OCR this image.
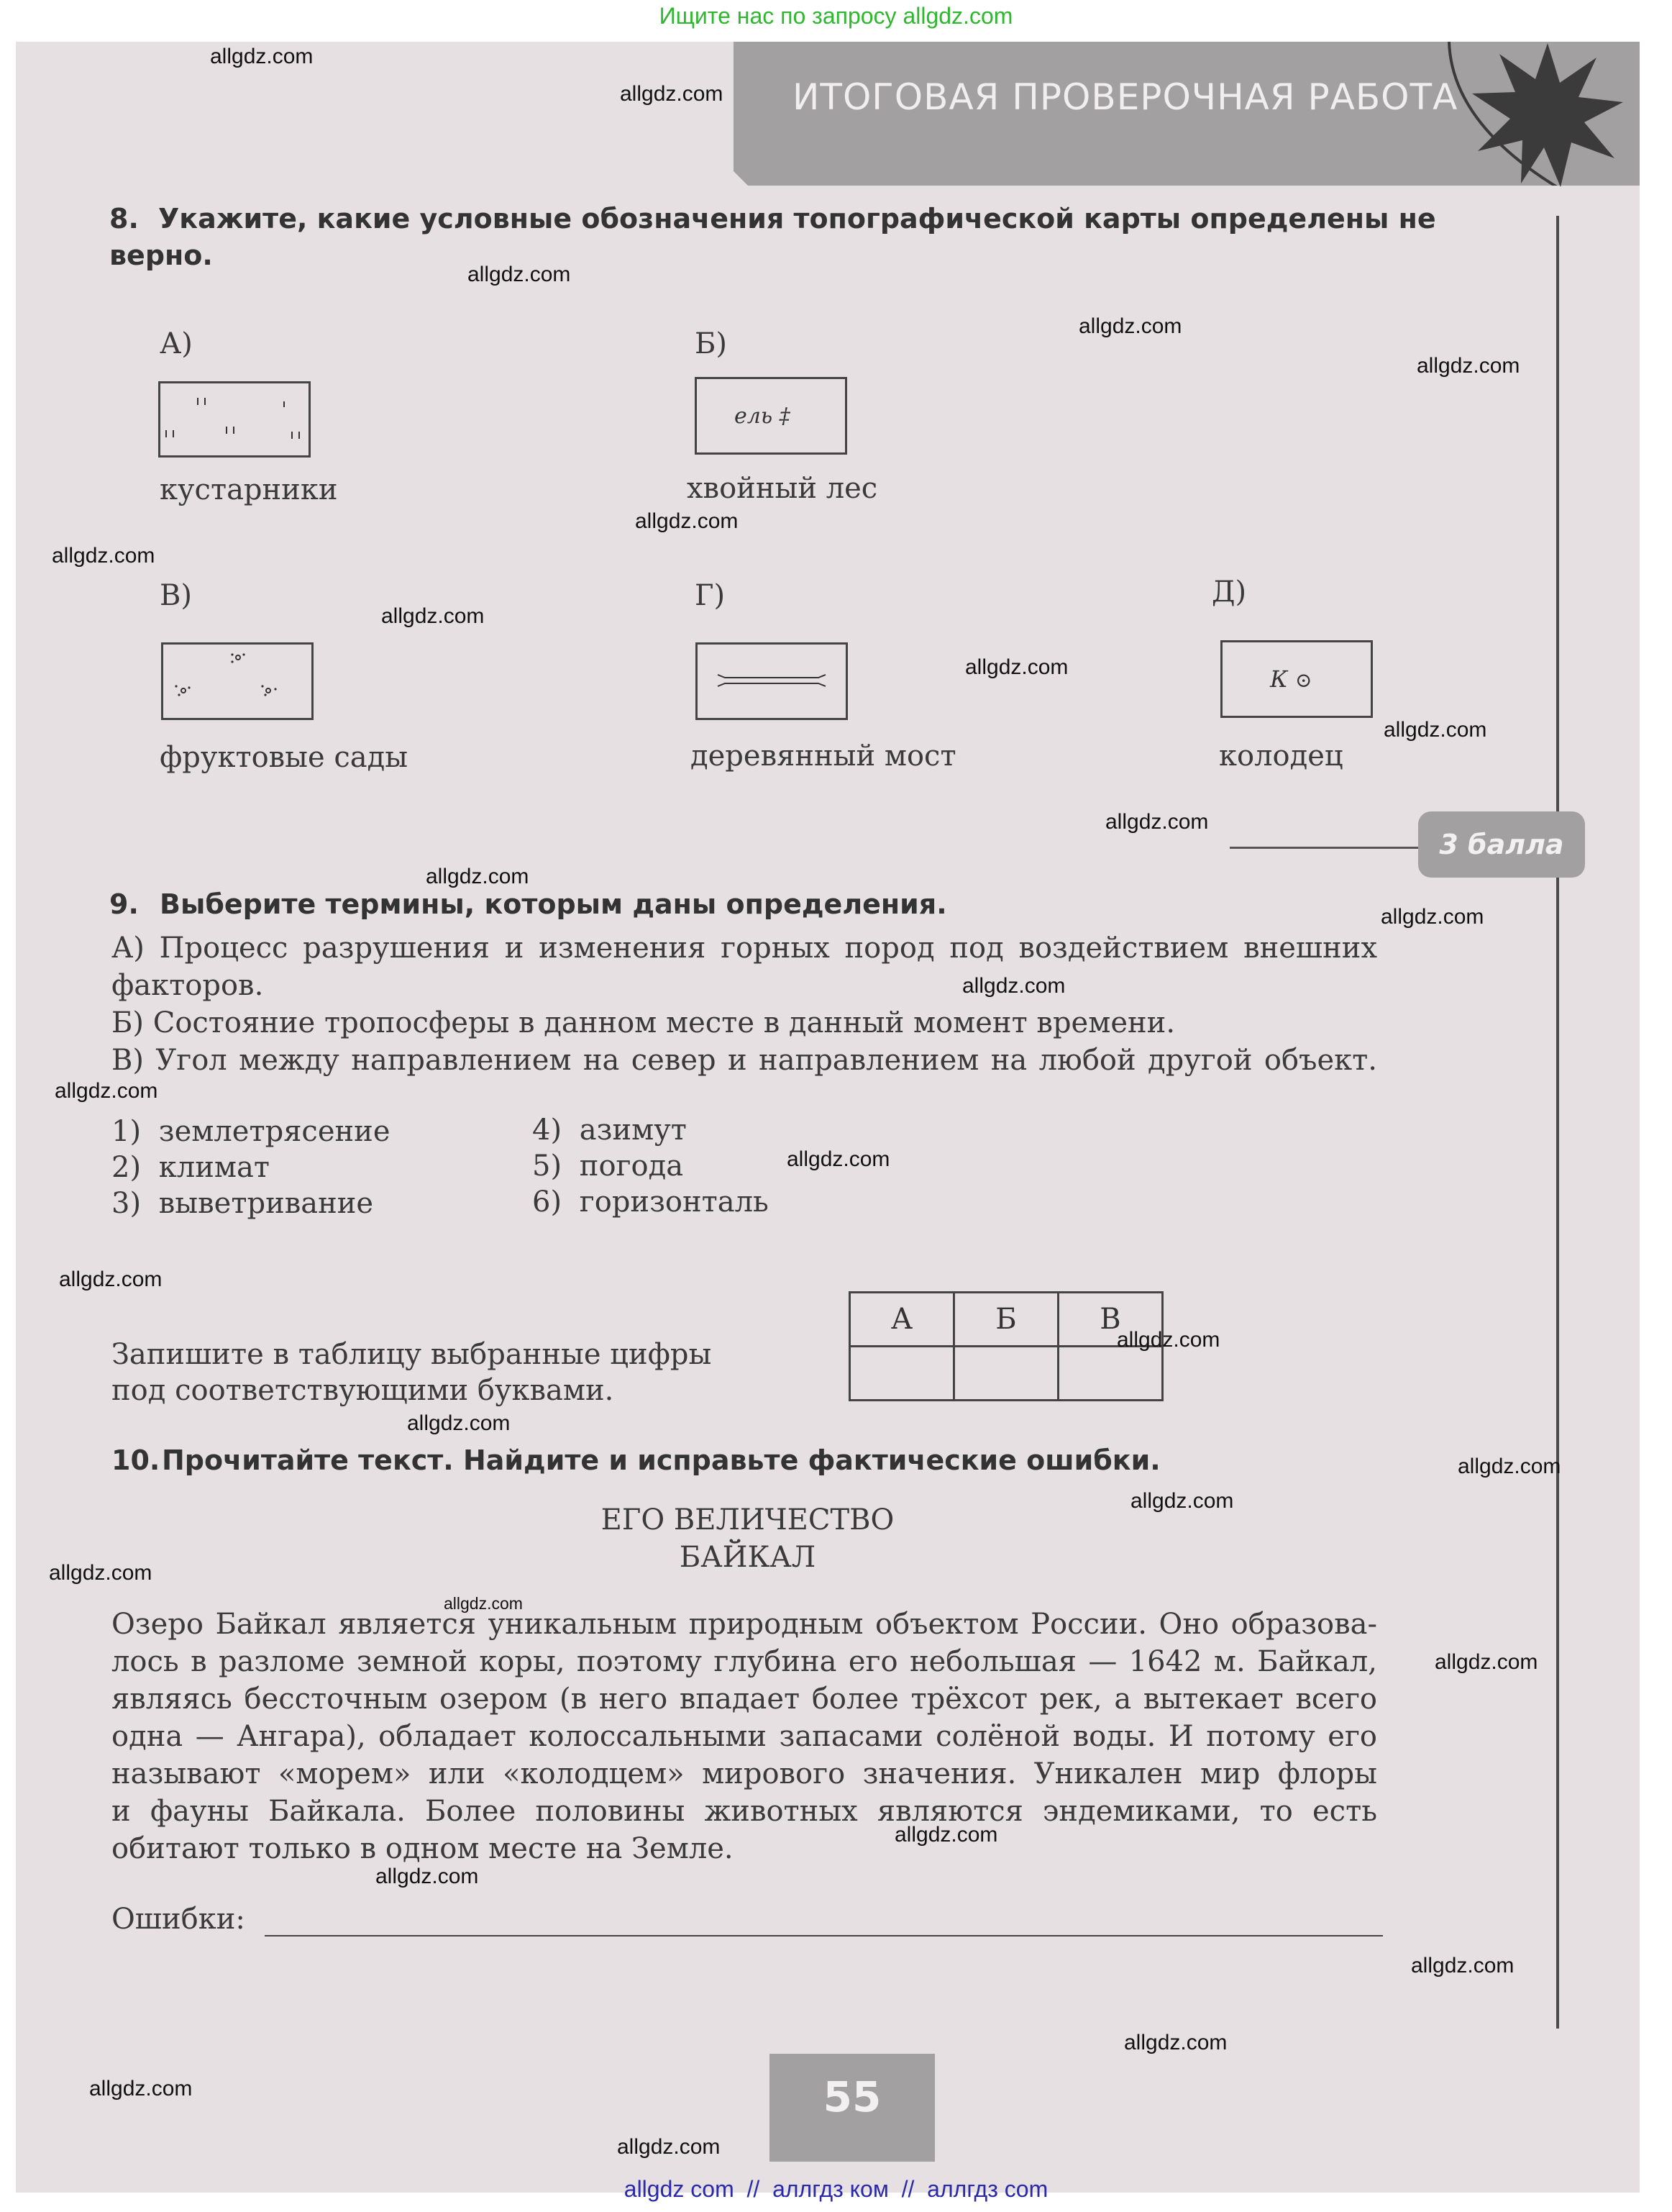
Ищите нас по запросу allgdz.com
ИТОГОВАЯ ПРОВЕРОЧНАЯ РАБОТА
8. Укажите, какие условные обозначения топографической карты определены не
верно.
А)
кустарники
Б)
ель ‡
хвойный лес
В)
фруктовые сады
Г)
деревянный мост
Д)
К ⊙
колодец
3 балла
9. Выберите термины, которым даны определения.
А) Процесс разрушения и изменения горных пород под воздействием внешних
факторов.
Б) Состояние тропосферы в данном месте в данный момент времени.
В) Угол между направлением на север и направлением на любой другой объект.
1) землетрясение
2) климат
3) выветривание
4) азимут
5) погода
6) горизонталь
Запишите в таблицу выбранные цифры
под соответствующими буквами.
А	Б	В

10. Прочитайте текст. Найдите и исправьте фактические ошибки.
ЕГО ВЕЛИЧЕСТВО
БАЙКАЛ
Озеро Байкал является уникальным природным объектом России. Оно образова-
лось в разломе земной коры, поэтому глубина его небольшая — 1642 м. Байкал,
являясь бессточным озером (в него впадает более трёхсот рек, а вытекает всего
одна — Ангара), обладает колоссальными запасами солёной воды. И потому его
называют «морем» или «колодцем» мирового значения. Уникален мир флоры
и фауны Байкала. Более половины животных являются эндемиками, то есть
обитают только в одном месте на Земле.
Ошибки:
55
allgdz.com
allgdz.com
allgdz.com
allgdz.com
allgdz.com
allgdz.com
allgdz.com
allgdz.com
allgdz.com
allgdz.com
allgdz.com
allgdz.com
allgdz.com
allgdz.com
allgdz.com
allgdz.com
allgdz.com
allgdz.com
allgdz.com
allgdz.com
allgdz.com
allgdz.com
allgdz.com
allgdz.com
allgdz.com
allgdz.com
allgdz.com
allgdz.com
allgdz.com
allgdz.com
allgdz com  //  аллгдз ком  //  аллгдз com
